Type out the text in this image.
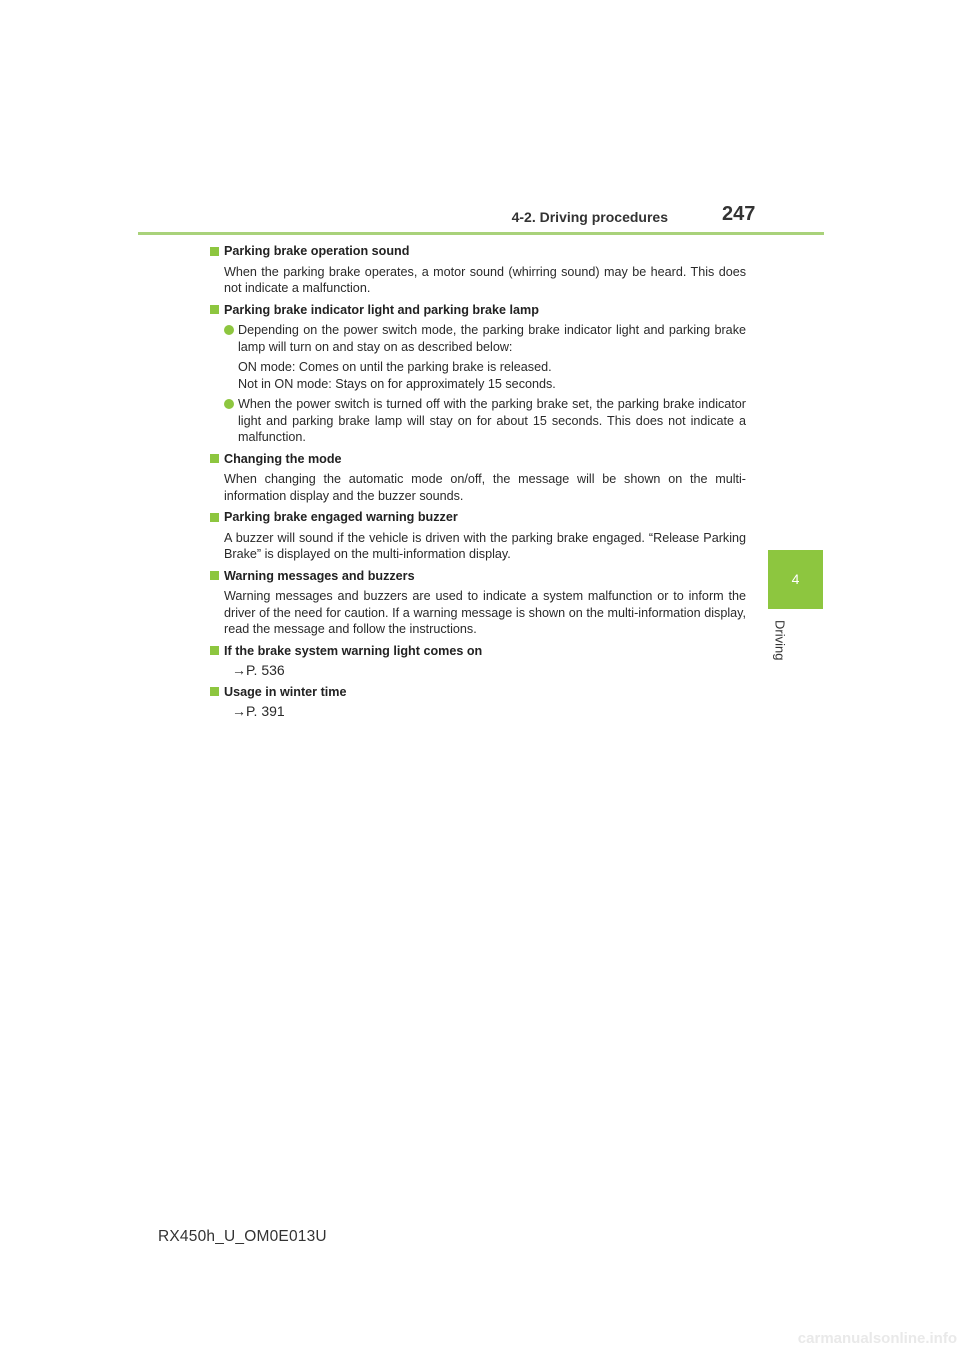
4-2. Driving procedures	247
4
Driving
Parking brake operation sound
When the parking brake operates, a motor sound (whirring sound) may be heard. This does not indicate a malfunction.
Parking brake indicator light and parking brake lamp
Depending on the power switch mode, the parking brake indicator light and parking brake lamp will turn on and stay on as described below:
ON mode: Comes on until the parking brake is released.
Not in ON mode: Stays on for approximately 15 seconds.
When the power switch is turned off with the parking brake set, the parking brake indicator light and parking brake lamp will stay on for about 15 seconds. This does not indicate a malfunction.
Changing the mode
When changing the automatic mode on/off, the message will be shown on the multi-information display and the buzzer sounds.
Parking brake engaged warning buzzer
A buzzer will sound if the vehicle is driven with the parking brake engaged. “Release Parking Brake” is displayed on the multi-information display.
Warning messages and buzzers
Warning messages and buzzers are used to indicate a system malfunction or to inform the driver of the need for caution. If a warning message is shown on the multi-information display, read the message and follow the instructions.
If the brake system warning light comes on
→P. 536
Usage in winter time
→P. 391
RX450h_U_OM0E013U
carmanualsonline.info
